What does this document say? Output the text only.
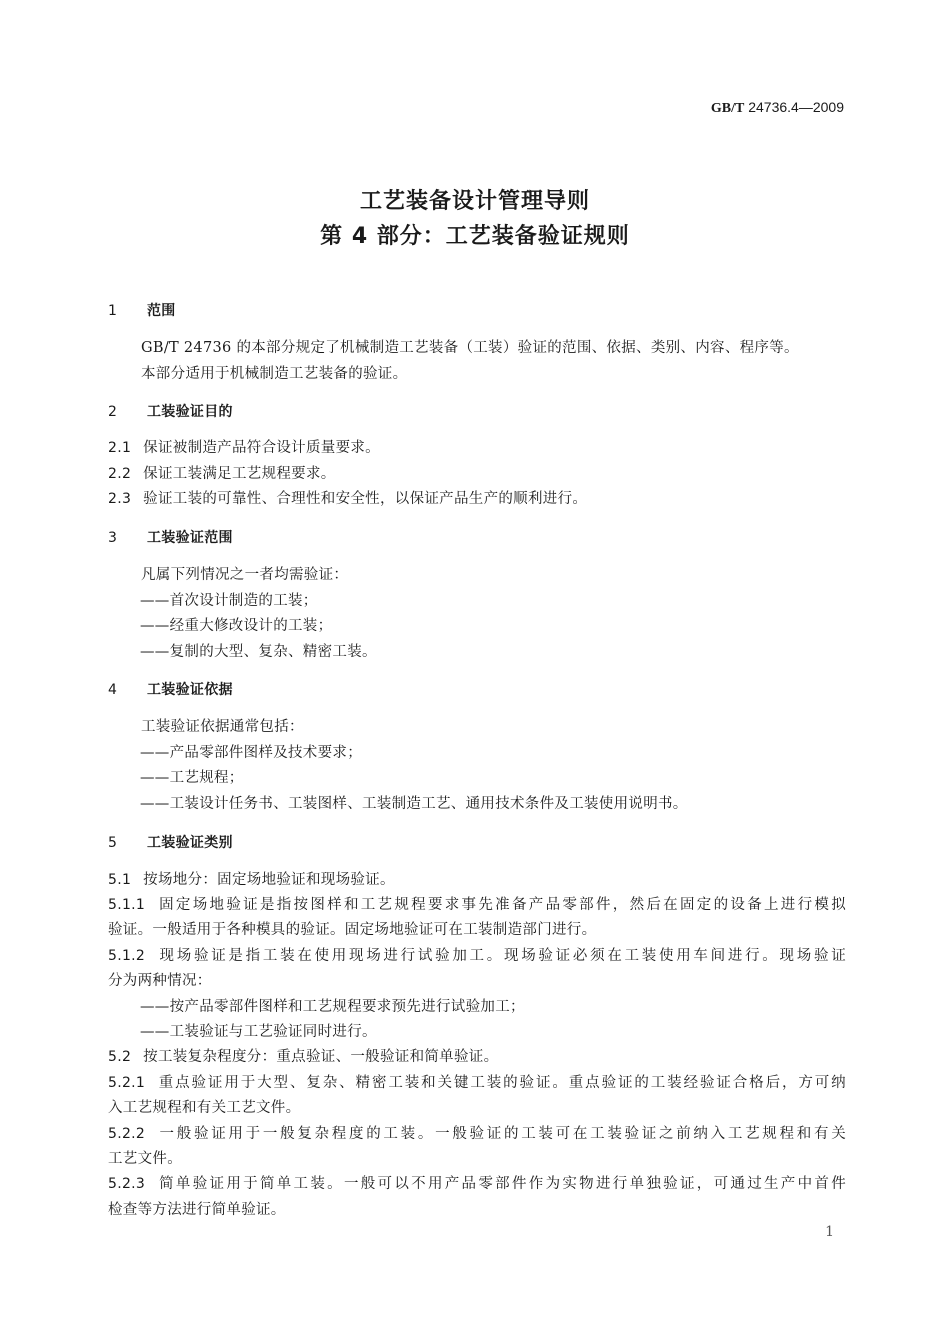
GB/T 24736.4—2009
工艺装备设计管理导则
第 4 部分：工艺装备验证规则
1 范围
GB/T 24736 的本部分规定了机械制造工艺装备（工装）验证的范围、依据、类别、内容、程序等。
本部分适用于机械制造工艺装备的验证。
2 工装验证目的
2.1 保证被制造产品符合设计质量要求。
2.2 保证工装满足工艺规程要求。
2.3 验证工装的可靠性、合理性和安全性，以保证产品生产的顺利进行。
3 工装验证范围
凡属下列情况之一者均需验证：
——首次设计制造的工装；
——经重大修改设计的工装；
——复制的大型、复杂、精密工装。
4 工装验证依据
工装验证依据通常包括：
——产品零部件图样及技术要求；
——工艺规程；
——工装设计任务书、工装图样、工装制造工艺、通用技术条件及工装使用说明书。
5 工装验证类别
5.1 按场地分：固定场地验证和现场验证。
5.1.1 固定场地验证是指按图样和工艺规程要求事先准备产品零部件，然后在固定的设备上进行模拟
验证。一般适用于各种模具的验证。固定场地验证可在工装制造部门进行。
5.1.2 现场验证是指工装在使用现场进行试验加工。现场验证必须在工装使用车间进行。现场验证
分为两种情况：
——按产品零部件图样和工艺规程要求预先进行试验加工；
——工装验证与工艺验证同时进行。
5.2 按工装复杂程度分：重点验证、一般验证和简单验证。
5.2.1 重点验证用于大型、复杂、精密工装和关键工装的验证。重点验证的工装经验证合格后，方可纳
入工艺规程和有关工艺文件。
5.2.2 一般验证用于一般复杂程度的工装。一般验证的工装可在工装验证之前纳入工艺规程和有关
工艺文件。
5.2.3 简单验证用于简单工装。一般可以不用产品零部件作为实物进行单独验证，可通过生产中首件
检查等方法进行简单验证。
1
